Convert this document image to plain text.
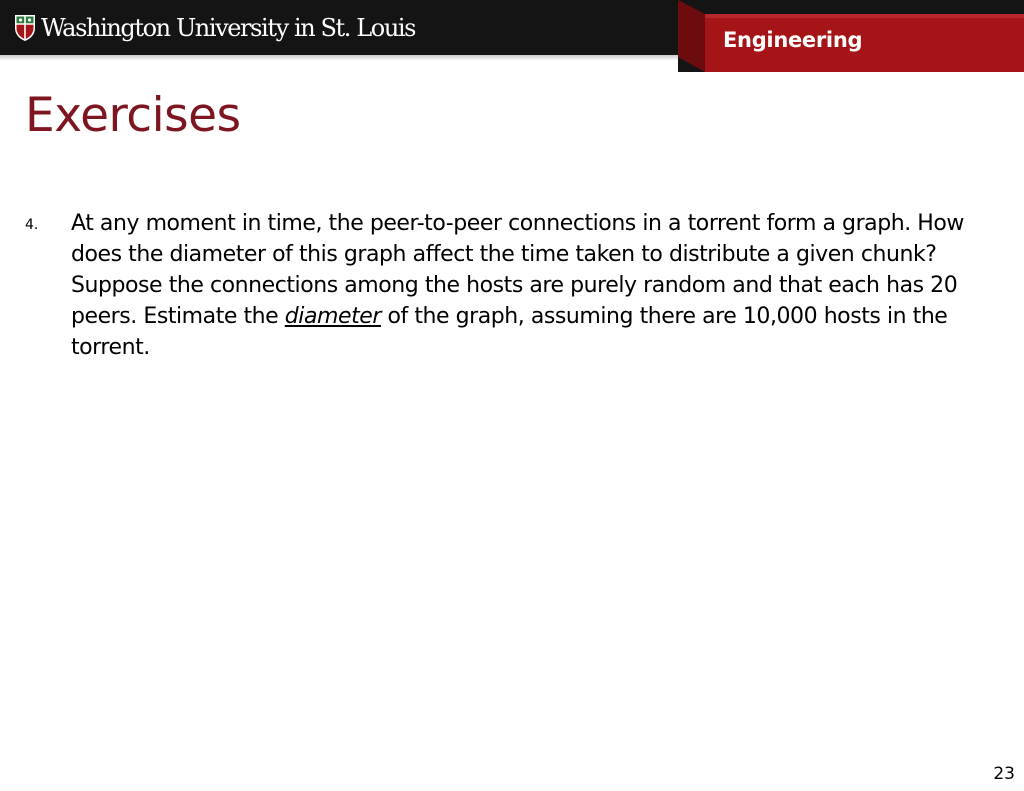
Washington University in St. Louis	Engineering
Exercises
4. At any moment in time, the peer-to-peer connections in a torrent form a graph. How does the diameter of this graph affect the time taken to distribute a given chunk? Suppose the connections among the hosts are purely random and that each has 20 peers. Estimate the diameter of the graph, assuming there are 10,000 hosts in the torrent.

23
